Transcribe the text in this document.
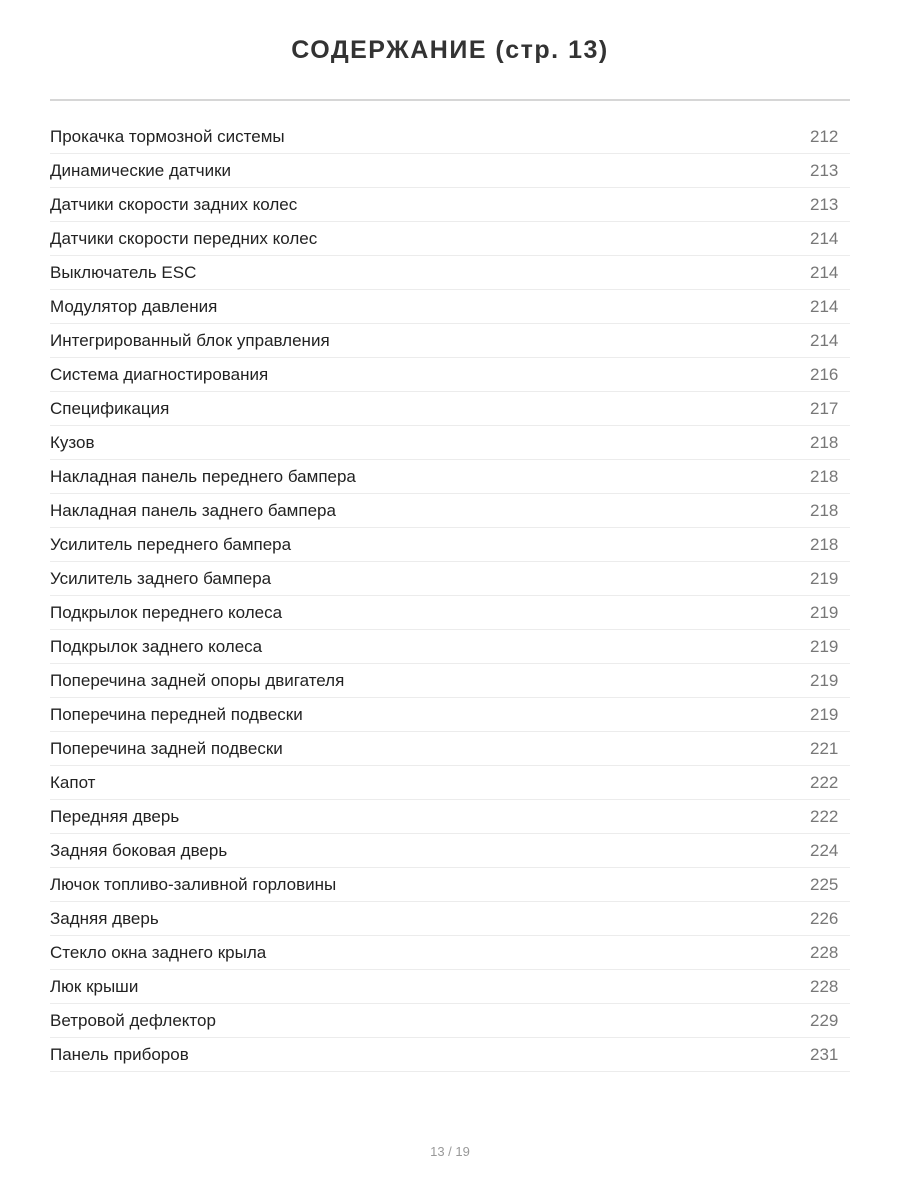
СОДЕРЖАНИЕ (стр. 13)
Прокачка тормозной системы	212
Динамические датчики	213
Датчики скорости задних колес	213
Датчики скорости передних колес	214
Выключатель ESC	214
Модулятор давления	214
Интегрированный блок управления	214
Система диагностирования	216
Спецификация	217
Кузов	218
Накладная панель переднего бампера	218
Накладная панель заднего бампера	218
Усилитель переднего бампера	218
Усилитель заднего бампера	219
Подкрылок переднего колеса	219
Подкрылок заднего колеса	219
Поперечина задней опоры двигателя	219
Поперечина передней подвески	219
Поперечина задней подвески	221
Капот	222
Передняя дверь	222
Задняя боковая дверь	224
Лючок топливо-заливной горловины	225
Задняя дверь	226
Стекло окна заднего крыла	228
Люк крыши	228
Ветровой дефлектор	229
Панель приборов	231
13 / 19
